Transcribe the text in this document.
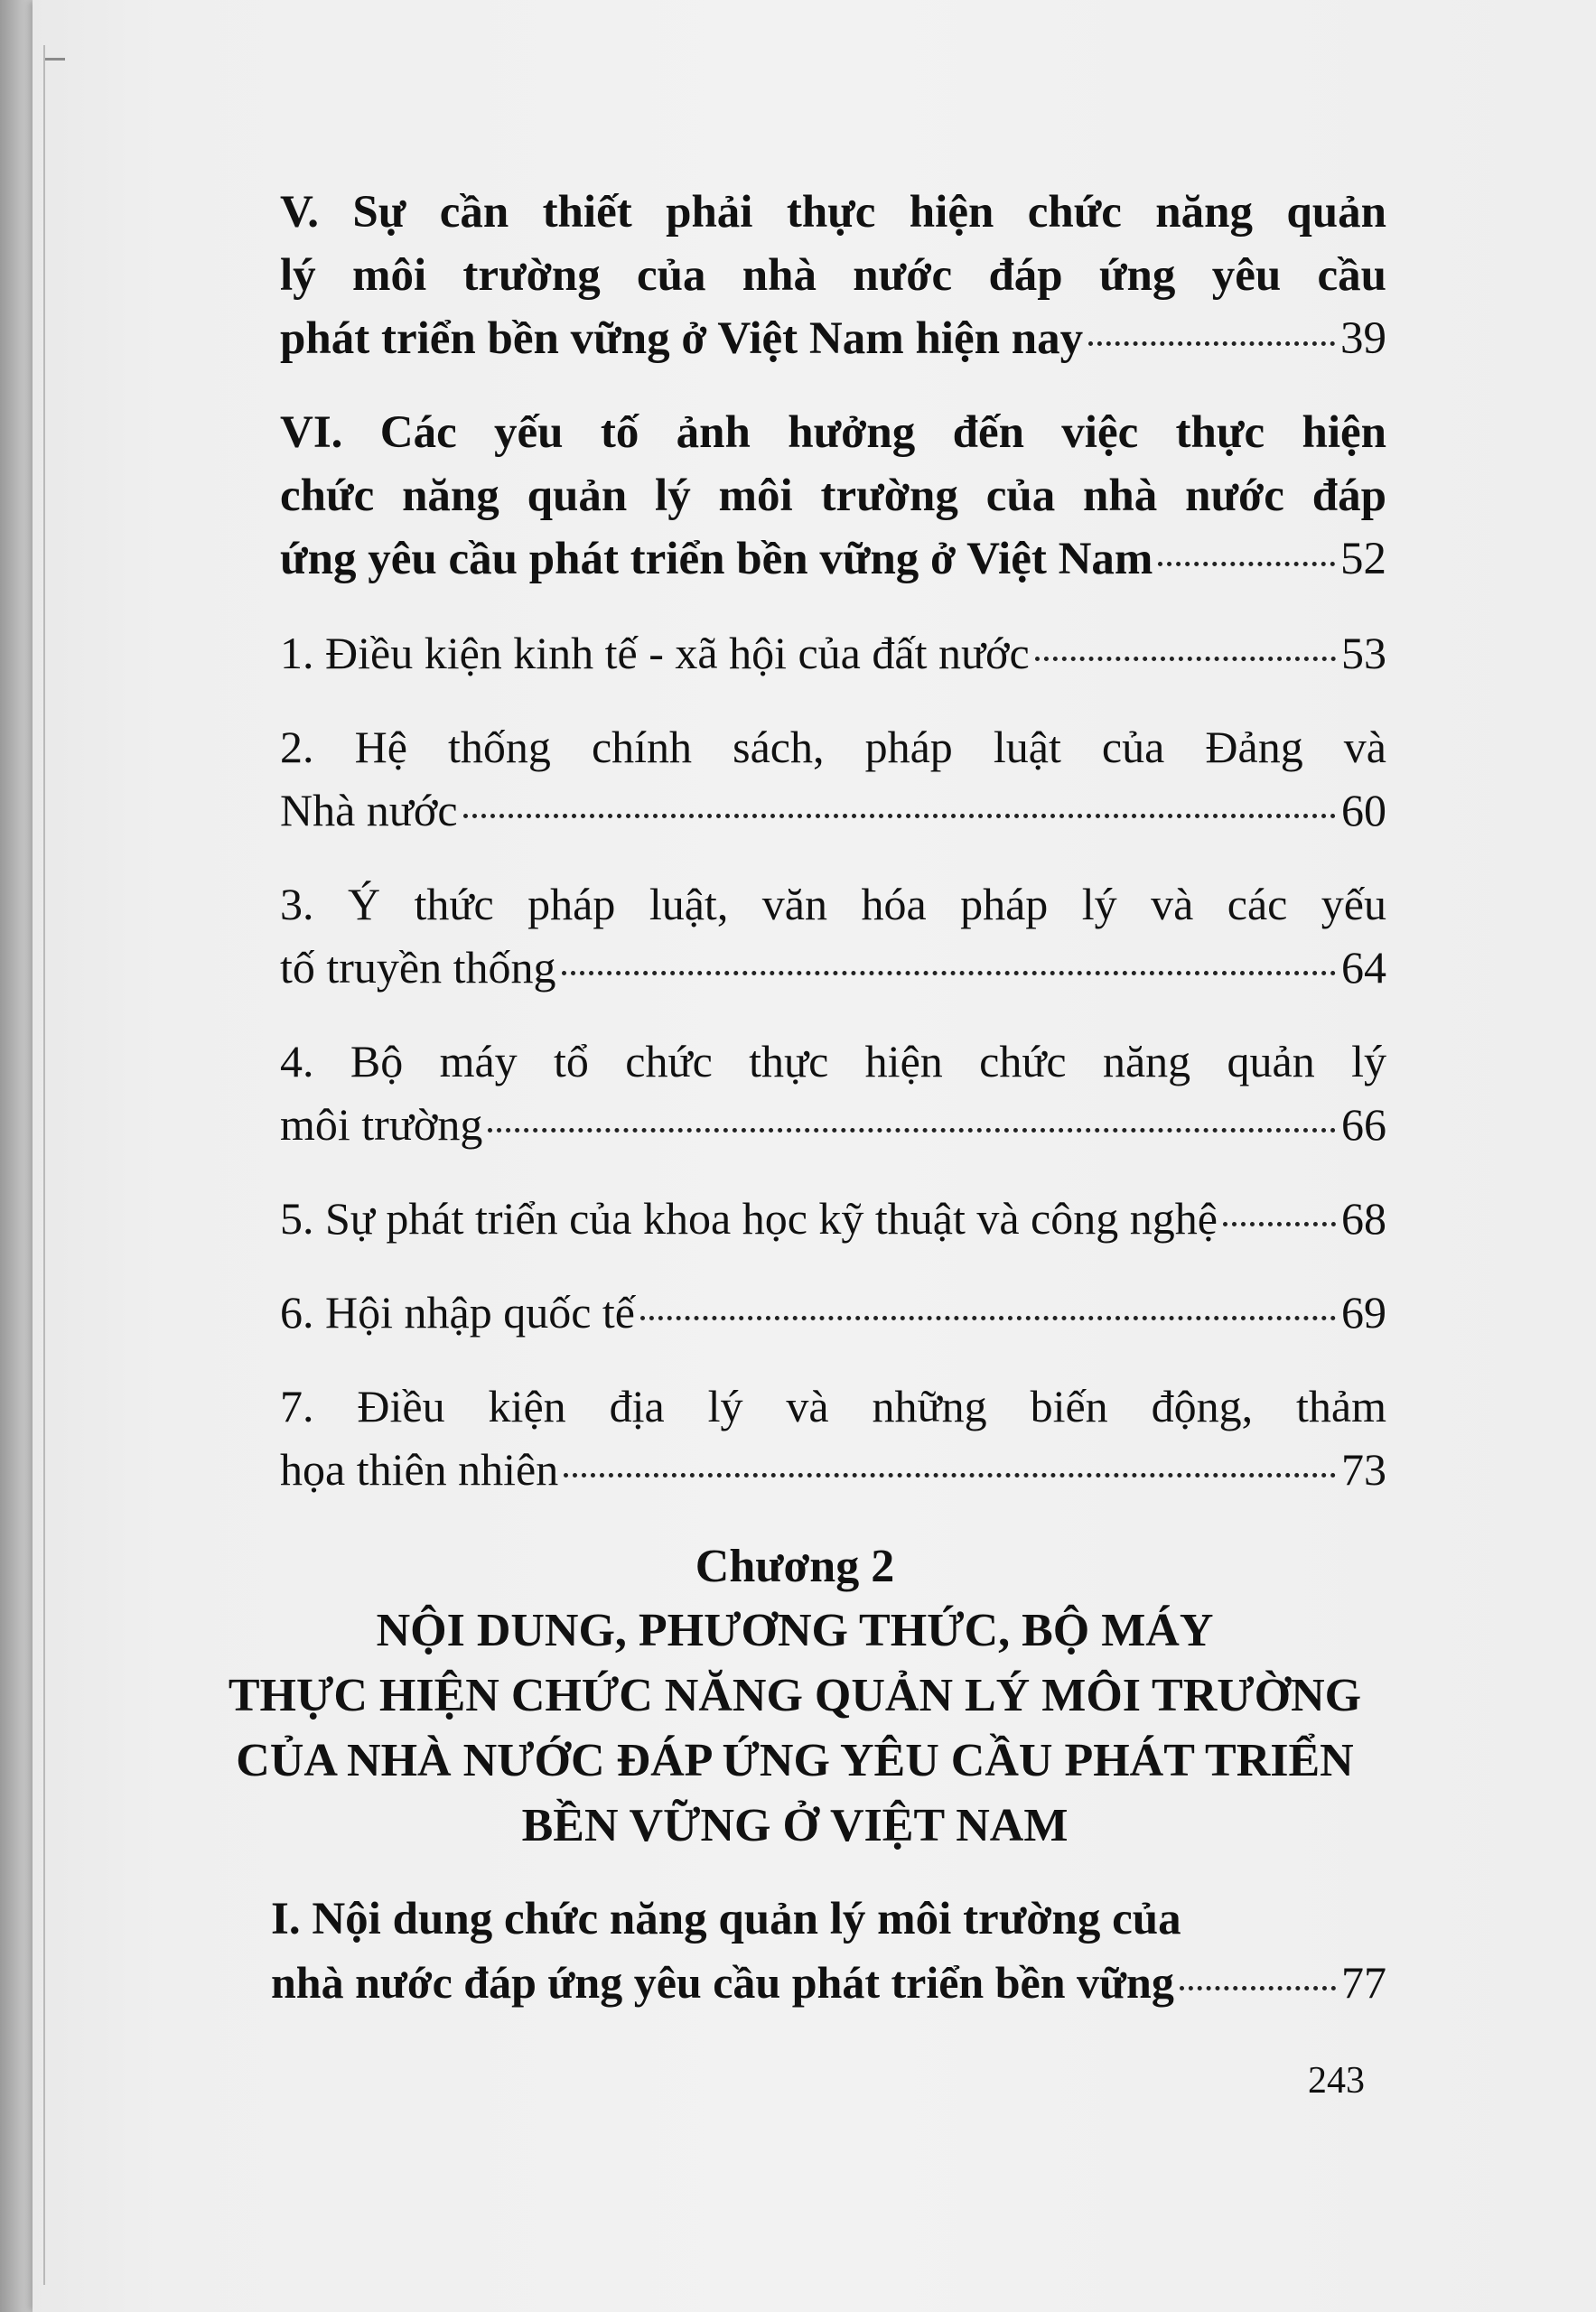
V. Sự cần thiết phải thực hiện chức năng quản
lý môi trường của nhà nước đáp ứng yêu cầu
phát triển bền vững ở Việt Nam hiện nay	39
VI. Các yếu tố ảnh hưởng đến việc thực hiện
chức năng quản lý môi trường của nhà nước đáp
ứng yêu cầu phát triển bền vững ở Việt Nam	52
1. Điều kiện kinh tế - xã hội của đất nước	53
2. Hệ thống chính sách, pháp luật của Đảng và
Nhà nước	60
3. Ý thức pháp luật, văn hóa pháp lý và các yếu
tố truyền thống	64
4. Bộ máy tổ chức thực hiện chức năng quản lý
môi trường	66
5. Sự phát triển của khoa học kỹ thuật và công nghệ	68
6. Hội nhập quốc tế	69
7. Điều kiện địa lý và những biến động, thảm
họa thiên nhiên	73
Chương 2
NỘI DUNG, PHƯƠNG THỨC, BỘ MÁY
THỰC HIỆN CHỨC NĂNG QUẢN LÝ MÔI TRƯỜNG
CỦA NHÀ NƯỚC ĐÁP ỨNG YÊU CẦU PHÁT TRIỂN
BỀN VỮNG Ở VIỆT NAM
I. Nội dung chức năng quản lý môi trường của
nhà nước đáp ứng yêu cầu phát triển bền vững	77
243
